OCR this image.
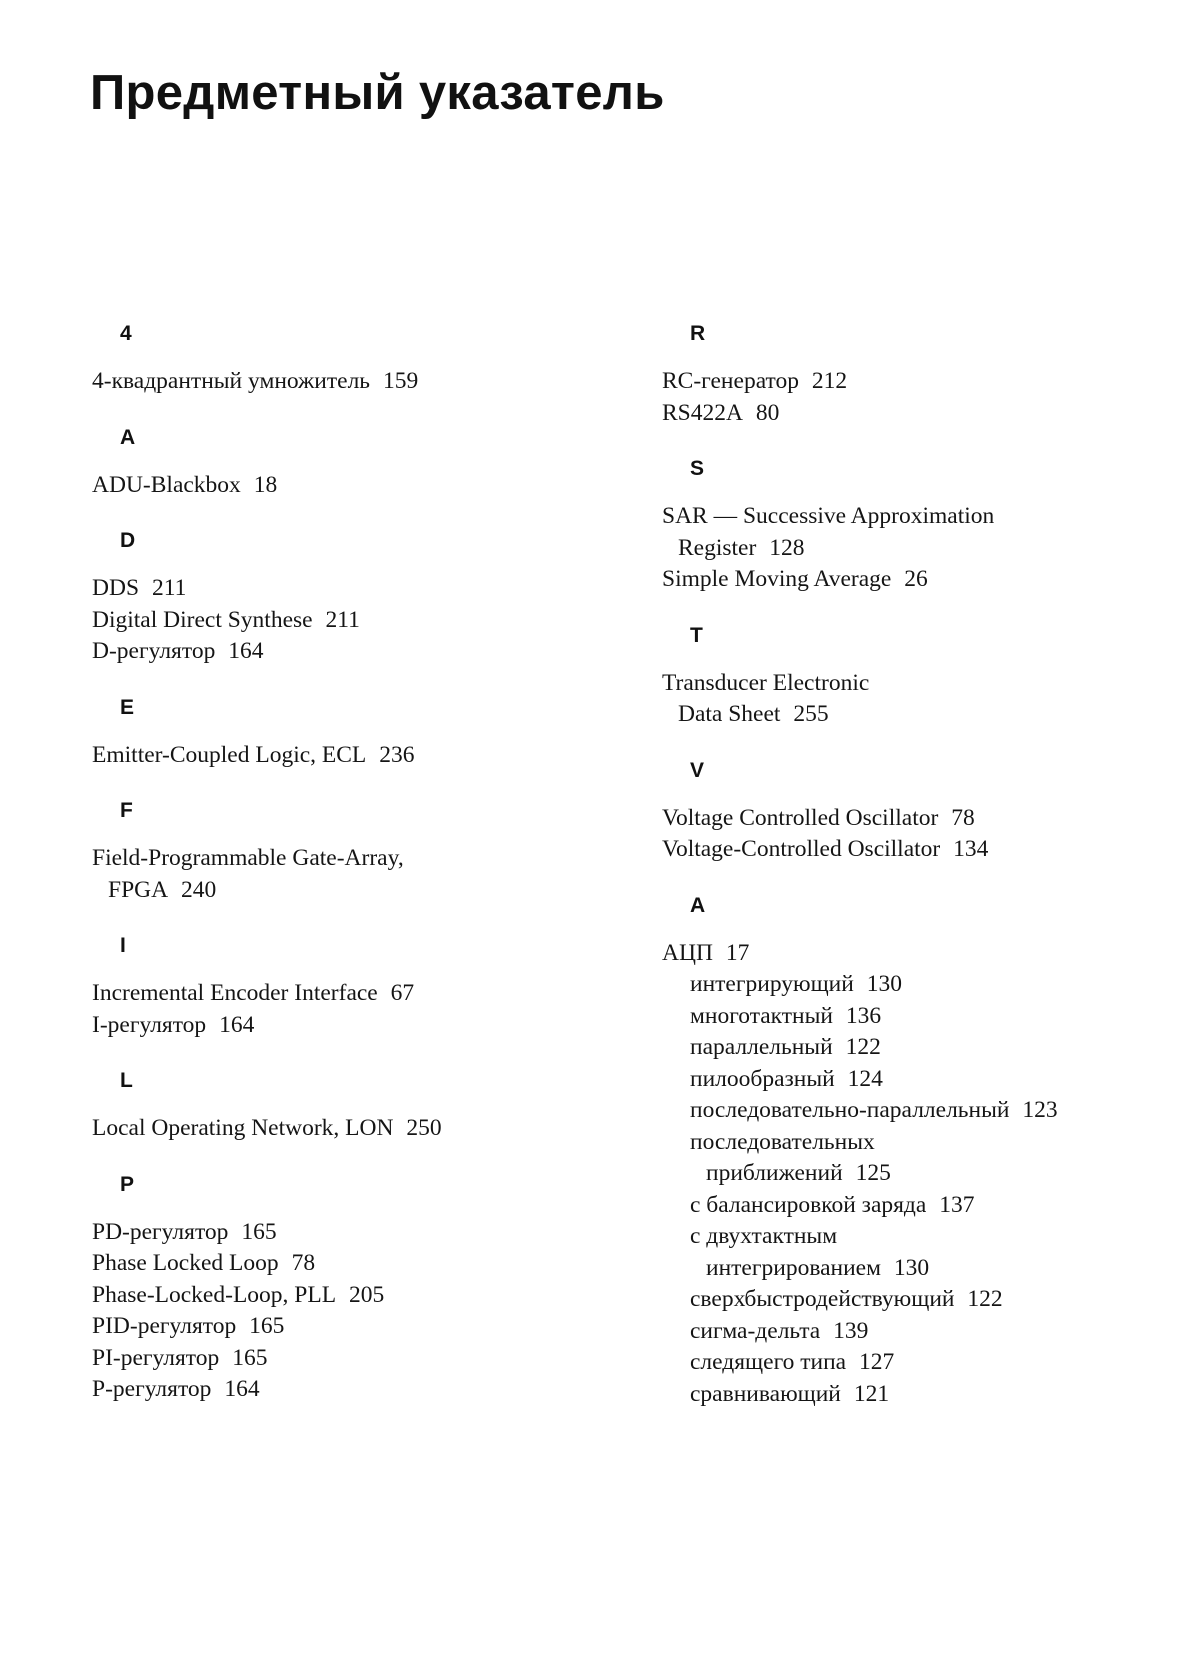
Предметный указатель
4
4-квадрантный умножитель 159
A
ADU-Blackbox 18
D
DDS 211
Digital Direct Synthese 211
D-регулятор 164
E
Emitter-Coupled Logic, ECL 236
F
Field-Programmable Gate-Array,
FPGA 240
I
Incremental Encoder Interface 67
I-регулятор 164
L
Local Operating Network, LON 250
P
PD-регулятор 165
Phase Locked Loop 78
Phase-Locked-Loop, PLL 205
PID-регулятор 165
PI-регулятор 165
P-регулятор 164
R
RC-генератор 212
RS422A 80
S
SAR — Successive Approximation
Register 128
Simple Moving Average 26
T
Transducer Electronic
Data Sheet 255
V
Voltage Controlled Oscillator 78
Voltage-Controlled Oscillator 134
А
АЦП 17
интегрирующий 130
многотактный 136
параллельный 122
пилообразный 124
последовательно-параллельный 123
последовательных
приближений 125
с балансировкой заряда 137
с двухтактным
интегрированием 130
сверхбыстродействующий 122
сигма-дельта 139
следящего типа 127
сравнивающий 121
